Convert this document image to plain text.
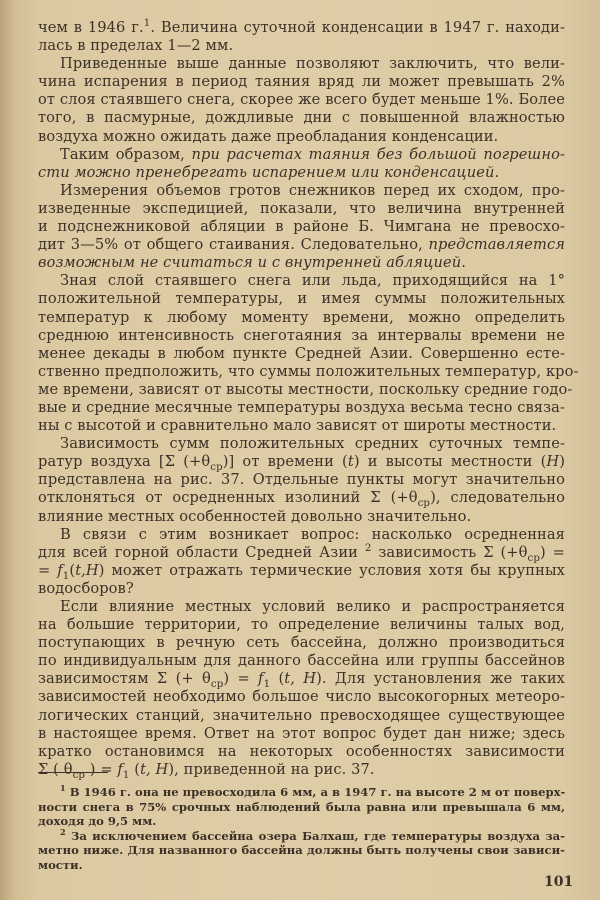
чем в 1946 г.$^1$. Величина суточной конденсации в 1947 г. находи-
лась в пределах 1—2 мм.
Приведенные выше данные позволяют заключить, что вели-
чина испарения в период таяния вряд ли может превышать 2%
от слоя стаявшего снега, скорее же всего будет меньше 1%. Более
того, в пасмурные, дождливые дни с повышенной влажностью
воздуха можно ожидать даже преобладания конденсации.
Таким образом, при расчетах таяния без большой погрешно-
сти можно пренебрегать испарением или конденсацией.
Измерения объемов гротов снежников перед их сходом, про-
изведенные экспедицией, показали, что величина внутренней
и подснежниковой абляции в районе Б. Чимгана не превосхо-
дит 3—5% от общего стаивания. Следовательно, представляется
возможным не считаться и с внутренней абляцией.
Зная слой стаявшего снега или льда, приходящийся на 1°
положительной температуры, и имея суммы положительных
температур к любому моменту времени, можно определить
среднюю интенсивность снеготаяния за интервалы времени не
менее декады в любом пункте Средней Азии. Совершенно есте-
ственно предположить, что суммы положительных температур, кро-
ме времени, зависят от высоты местности, поскольку средние годо-
вые и средние месячные температуры воздуха весьма тесно связа-
ны с высотой и сравнительно мало зависят от широты местности.
Зависимость сумм положительных средних суточных темпе-
ратур воздуха [Σ $(+\theta_{ср})$] от времени (t) и высоты местности (H)
представлена на рис. 37. Отдельные пункты могут значительно
отклоняться от осредненных изолиний Σ $(+\theta_{ср})$, следовательно
влияние местных особенностей довольно значительно.
В связи с этим возникает вопрос: насколько осредненная
для всей горной области Средней Азии $^2$ зависимость Σ $(+\theta_{ср})$ =
= $f_1(t,H)$ может отражать термические условия хотя бы крупных
водосборов?
Если влияние местных условий велико и распространяется
на большие территории, то определение величины талых вод,
поступающих в речную сеть бассейна, должно производиться
по индивидуальным для данного бассейна или группы бассейнов
зависимостям Σ (+ $\theta_{ср}) = f_1$ (t, H). Для установления же таких
зависимостей необходимо большое число высокогорных метеоро-
логических станций, значительно превосходящее существующее
в настоящее время. Ответ на этот вопрос будет дан ниже; здесь
кратко остановимся на некоторых особенностях зависимости
Σ ( $\theta_{ср}$ ) = $f_1$ (t, H), приведенной на рис. 37.
$^1$ В 1946 г. она не превосходила 6 мм, а в 1947 г. на высоте 2 м от поверх-
ности снега в 75% срочных наблюдений была равна или превышала 6 мм,
доходя до 9,5 мм.
$^2$ За исключением бассейна озера Балхаш, где температуры воздуха за-
метно ниже. Для названного бассейна должны быть получены свои зависи-
мости.
101
